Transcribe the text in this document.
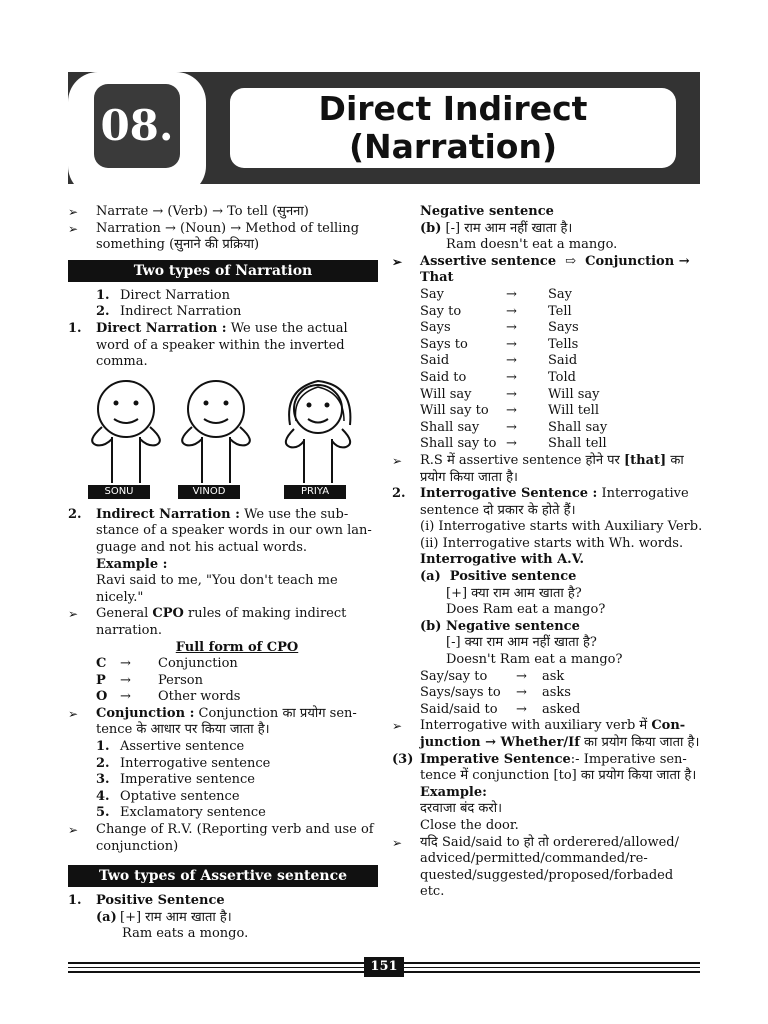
08.	Direct Indirect
(Narration)
➢	Narrate → (Verb) → To tell (सुनना)
➢	Narration → (Noun) → Method of telling
something (सुनाने की प्रक्रिया)
Two types of Narration
1. Direct Narration
2. Indirect Narration
1. Direct Narration : We use the actual
word of a speaker within the inverted
comma.
SONU	VINOD	PRIYA
2. Indirect Narration : We use the sub-
stance of a speaker words in our own lan-
guage and not his actual words.
Example :
Ravi said to me, "You don't teach me
nicely."
➢	General CPO rules of making indirect
narration.
Full form of CPO
C	→	Conjunction
P	→	Person
O →	Other words
➢	Conjunction : Conjunction का प्रयोग sen-
tence के आधार पर किया जाता है।
1. Assertive sentence
2. Interrogative sentence
3. Imperative sentence
4. Optative sentence
5. Exclamatory sentence
➢	Change of R.V. (Reporting verb and use of
conjunction)
Two types of Assertive sentence
1. Positive Sentence
(a) [+] राम आम खाता है।
Ram eats a mongo.
Negative sentence
(b) [-] राम आम नहीं खाता है।
Ram doesn't eat a mango.
➢	Assertive sentence ⇨ Conjunction →
That
Say	→	Say
Say to	→	Tell
Says	→	Says
Says to	→	Tells
Said	→	Said
Said to	→	Told
Will say	→	Will say
Will say to	→	Will tell
Shall say	→	Shall say
Shall say to →	Shall tell
➢	R.S में assertive sentence होने पर [that] का
प्रयोग किया जाता है।
2. Interrogative Sentence : Interrogative
sentence दो प्रकार के होते हैं।
(i) Interrogative starts with Auxiliary Verb.
(ii) Interrogative starts with Wh. words.
Interrogative with A.V.
(a) Positive sentence
[+] क्या राम आम खाता है?
Does Ram eat a mango?
(b) Negative sentence
[-] क्या राम आम नहीं खाता है?
Doesn't Ram eat a mango?
Say/say to	→	ask
Says/says to	→	asks
Said/said to	→	asked
➢	Interrogative with auxiliary verb में Con-
junction → Whether/If का प्रयोग किया जाता है।
(3) Imperative Sentence:- Imperative sen-
tence में conjunction [to] का प्रयोग किया जाता है।
Example:
दरवाजा बंद करो।
Close the door.
➢	यदि Said/said to हो तो orderered/allowed/
adviced/permitted/commanded/re-
quested/suggested/proposed/forbaded
etc.
151
